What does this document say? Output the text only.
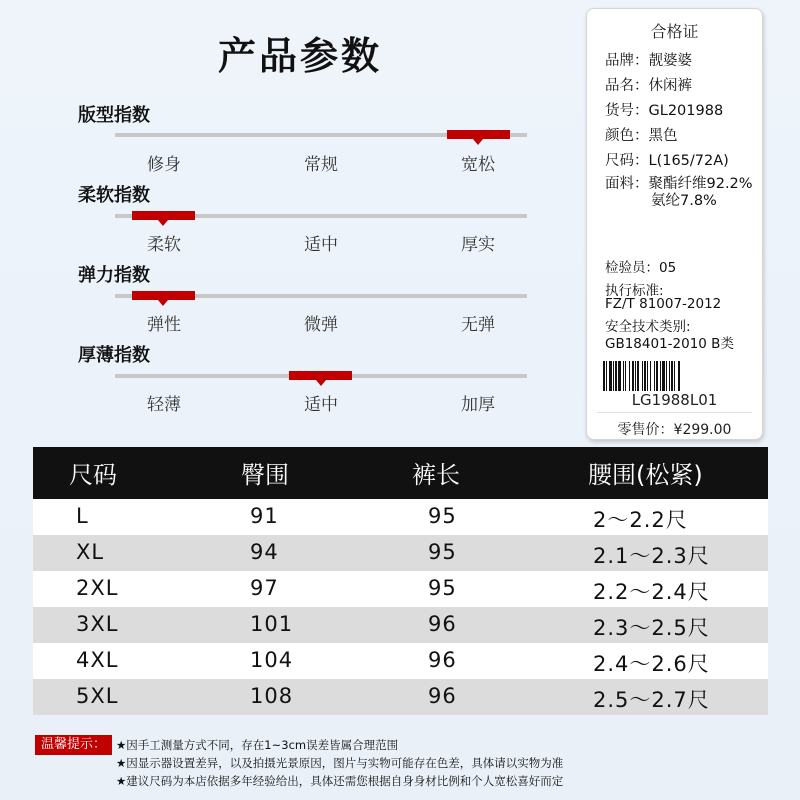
产品参数
版型指数
修身	常规	宽松
柔软指数
柔软	适中	厚实
弹力指数
弹性	微弹	无弹
厚薄指数
轻薄	适中	加厚
合格证
品牌：靓婆婆
品名：休闲裤
货号：GL201988
颜色：黑色
尺码：L(165/72A)
面料：聚酯纤维92.2%
氨纶7.8%
检验员：05
执行标准:
FZ/T 81007-2012
安全技术类别:
GB18401-2010 B类
LG1988L01
零售价：¥299.00
尺码	臀围	裤长	腰围(松紧)
L	91	95	2～2.2尺
XL	94	95	2.1～2.3尺
2XL	97	95	2.2～2.4尺
3XL	101	96	2.3～2.5尺
4XL	104	96	2.4～2.6尺
5XL	108	96	2.5～2.7尺
温馨提示： ★因手工测量方式不同，存在1~3cm误差皆属合理范围
★因显示器设置差异，以及拍摄光景原因，图片与实物可能存在色差，具体请以实物为准
★建议尺码为本店依据多年经验给出，具体还需您根据自身身材比例和个人宽松喜好而定
